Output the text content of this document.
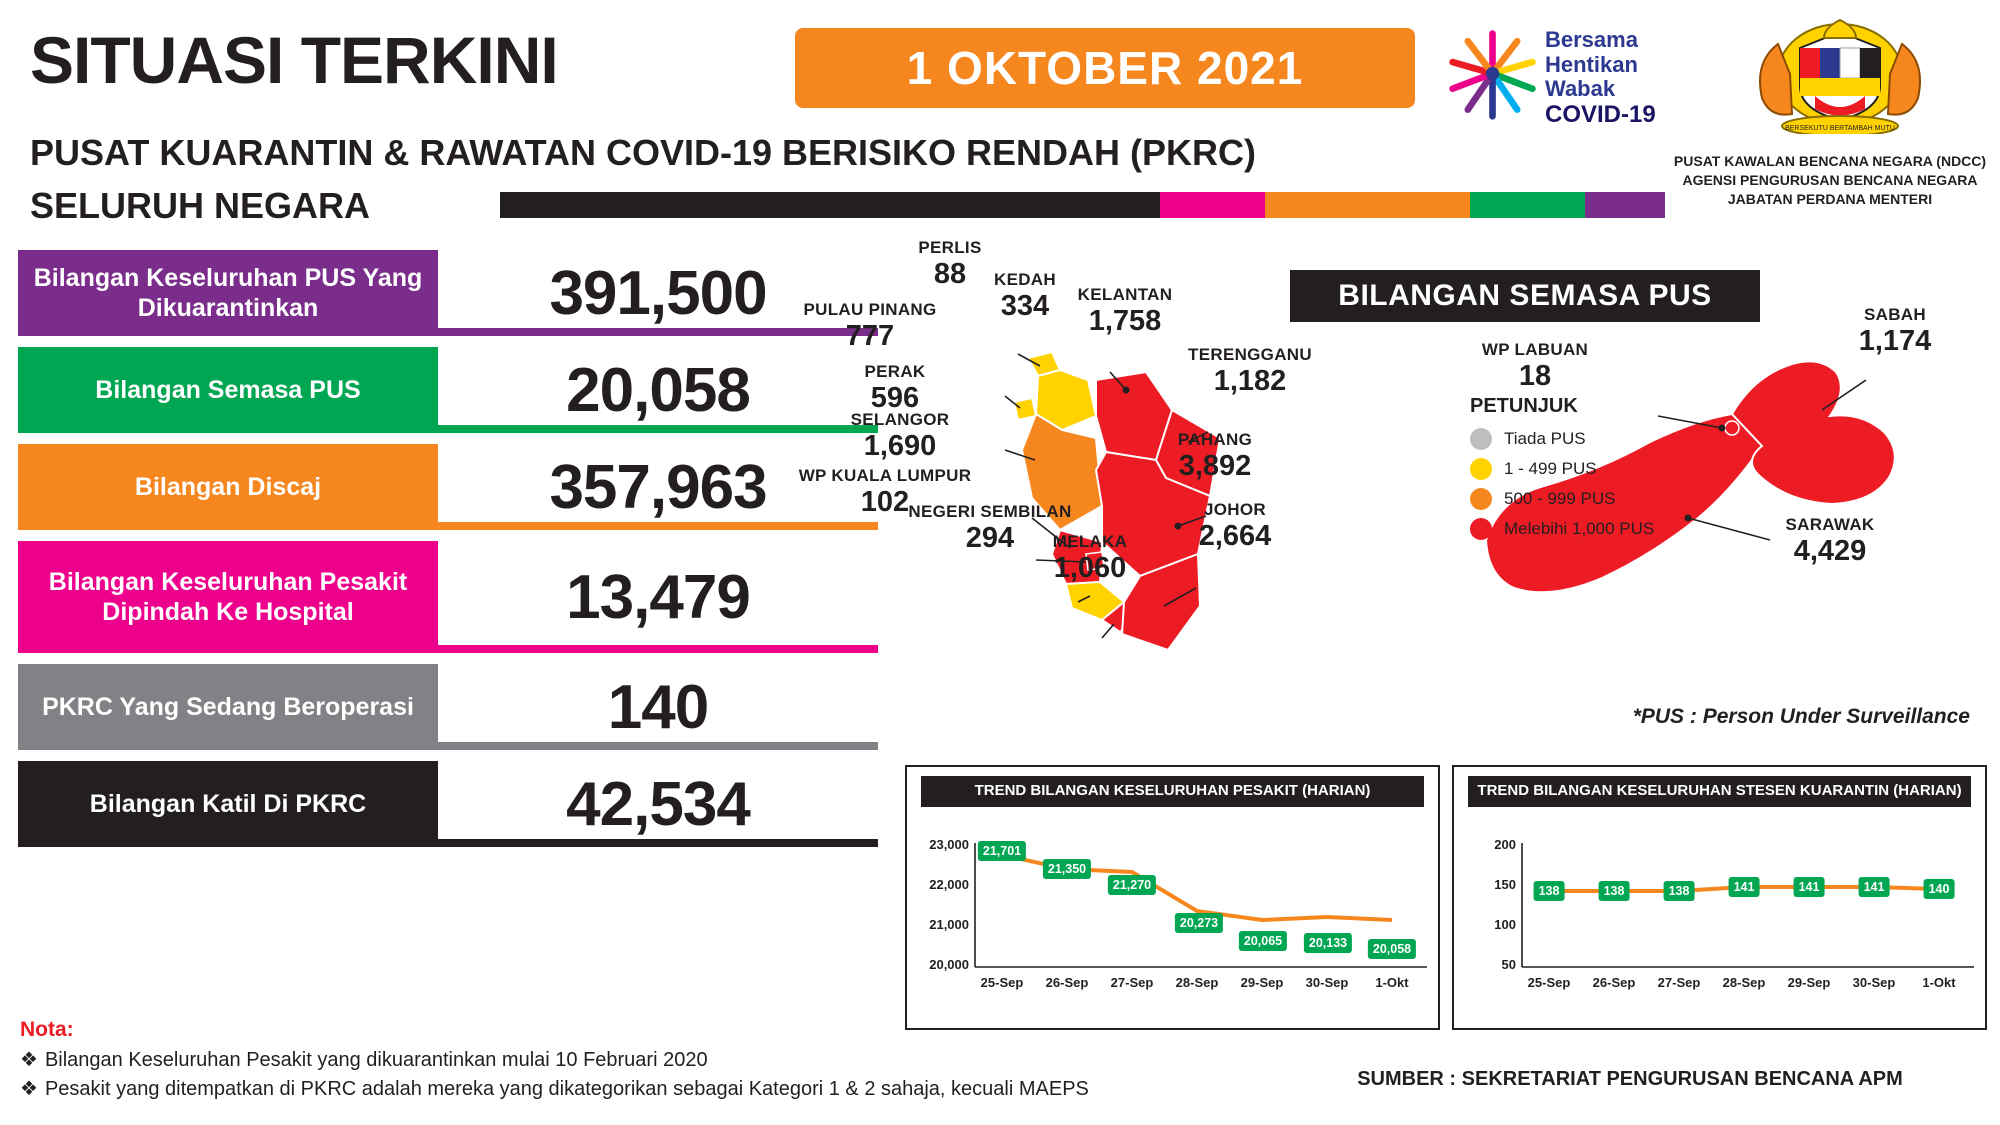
SITUASI TERKINI	1 OKTOBER 2021
PUSAT KUARANTIN & RAWATAN COVID-19 BERISIKO RENDAH (PKRC)
SELURUH NEGARA
Bersama
Hentikan
Wabak
COVID-19
BERSEKUTU BERTAMBAH MUTU
PUSAT KAWALAN BENCANA NEGARA (NDCC)
AGENSI PENGURUSAN BENCANA NEGARA
JABATAN PERDANA MENTERI
Bilangan Keseluruhan PUS Yang Dikuarantinkan	391,500
Bilangan Semasa PUS	20,058
Bilangan Discaj	357,963
Bilangan Keseluruhan Pesakit Dipindah Ke Hospital	13,479
PKRC Yang Sedang Beroperasi	140
Bilangan Katil Di PKRC	42,534
BILANGAN SEMASA PUS
PERLIS
88	KEDAH
334
PULAU PINANG
777
PERAK
596
KELANTAN
1,758
TERENGGANU
1,182
SELANGOR
1,690
WP KUALA LUMPUR
102 NEGERI SEMBILAN
294	MELAKA
1,060
PAHANG
3,892
JOHOR
2,664
WP LABUAN
18
SABAH
1,174
SARAWAK
4,429
PETUNJUK
Tiada PUS
1 - 499 PUS
500 - 999 PUS
Melebihi 1,000 PUS
*PUS : Person Under Surveillance
TREND BILANGAN KESELURUHAN PESAKIT (HARIAN)
23,000
22,000
21,000
20,000
21,701
21,350
21,270
20,273
20,065	20,133	20,058
25-Sep	26-Sep	27-Sep	28-Sep	29-Sep	30-Sep	1-Okt
TREND BILANGAN KESELURUHAN STESEN KUARANTIN (HARIAN)
200
150
100
50
138	138	138	141	141	141	140
25-Sep	26-Sep	27-Sep	28-Sep	29-Sep	30-Sep	1-Okt
Nota:
❖ Bilangan Keseluruhan Pesakit yang dikuarantinkan mulai 10 Februari 2020
❖ Pesakit yang ditempatkan di PKRC adalah mereka yang dikategorikan sebagai Kategori 1 & 2 sahaja, kecuali MAEPS	SUMBER : SEKRETARIAT PENGURUSAN BENCANA APM
